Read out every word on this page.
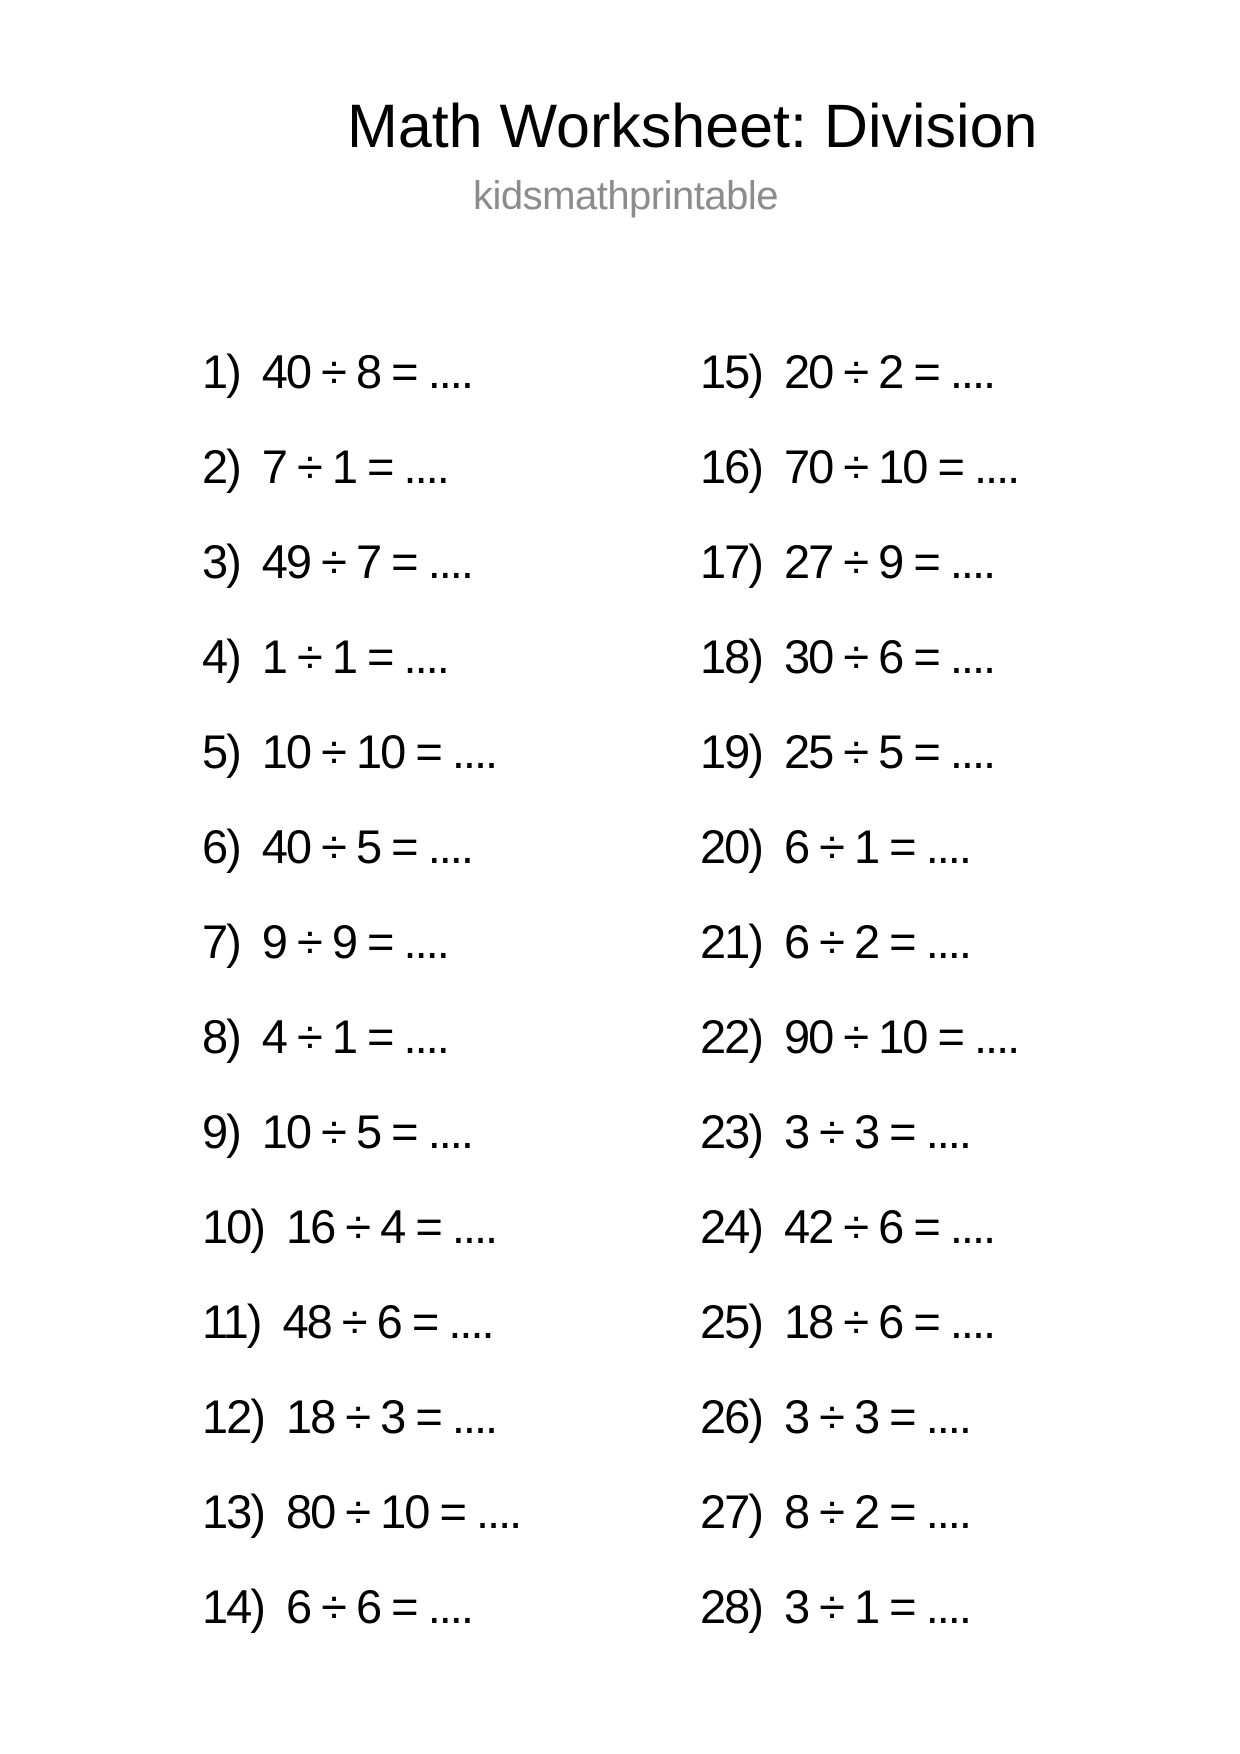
Math Worksheet: Division
kidsmathprintable
1) 40 ÷ 8 = ....
2) 7 ÷ 1 = ....
3) 49 ÷ 7 = ....
4) 1 ÷ 1 = ....
5) 10 ÷ 10 = ....
6) 40 ÷ 5 = ....
7) 9 ÷ 9 = ....
8) 4 ÷ 1 = ....
9) 10 ÷ 5 = ....
10) 16 ÷ 4 = ....
11) 48 ÷ 6 = ....
12) 18 ÷ 3 = ....
13) 80 ÷ 10 = ....
14) 6 ÷ 6 = ....
15) 20 ÷ 2 = ....
16) 70 ÷ 10 = ....
17) 27 ÷ 9 = ....
18) 30 ÷ 6 = ....
19) 25 ÷ 5 = ....
20) 6 ÷ 1 = ....
21) 6 ÷ 2 = ....
22) 90 ÷ 10 = ....
23) 3 ÷ 3 = ....
24) 42 ÷ 6 = ....
25) 18 ÷ 6 = ....
26) 3 ÷ 3 = ....
27) 8 ÷ 2 = ....
28) 3 ÷ 1 = ....
